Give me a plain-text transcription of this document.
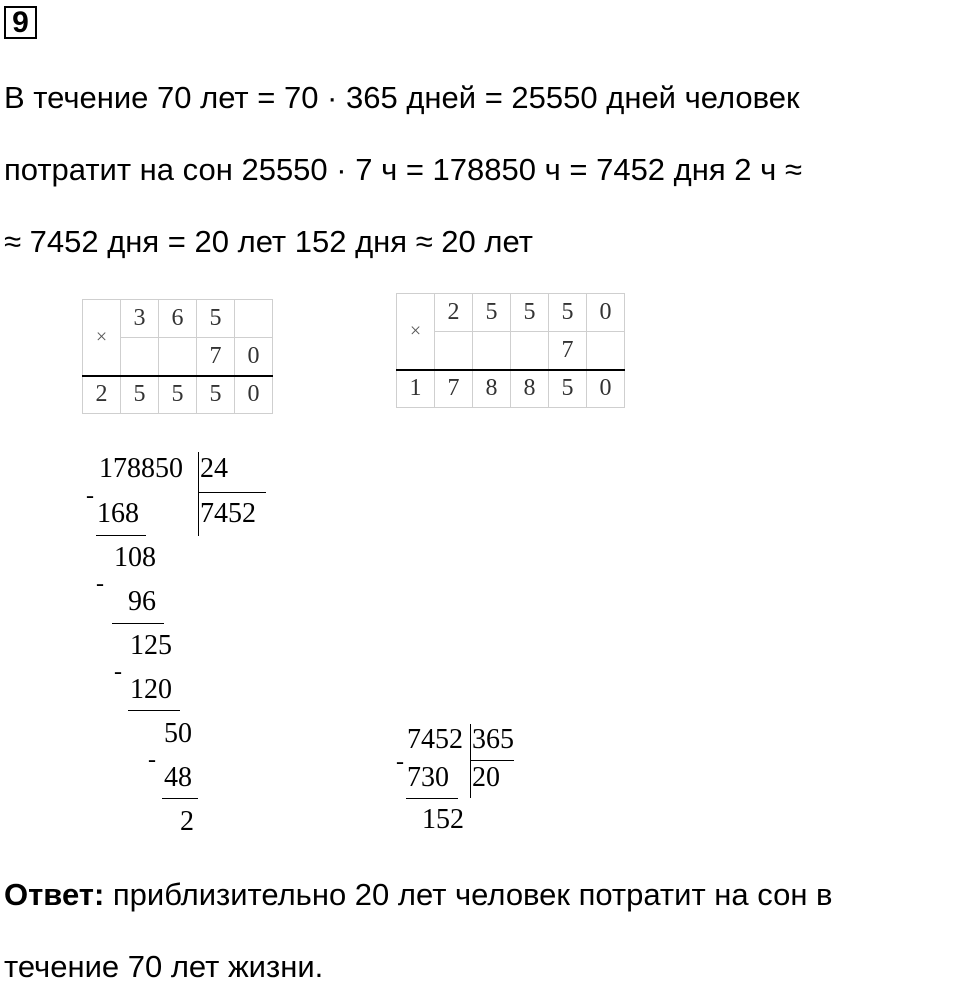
9
В течение 70 лет = 70 · 365 дней = 25550 дней человек
потратит на сон 25550 · 7 ч = 178850 ч = 7452 дня 2 ч ≈
≈ 7452 дня = 20 лет 152 дня ≈ 20 лет
×	3	6	5	
			7	0
2	5	5	5	0
×	2	5	5	5	0
				7	
1	7	8	8	5	0
178850 24
7452
-
168
108
-
96
125
-
120
50
-
48
2
7452 365
20
- 730
152
Ответ: приблизительно 20 лет человек потратит на сон в
течение 70 лет жизни.
